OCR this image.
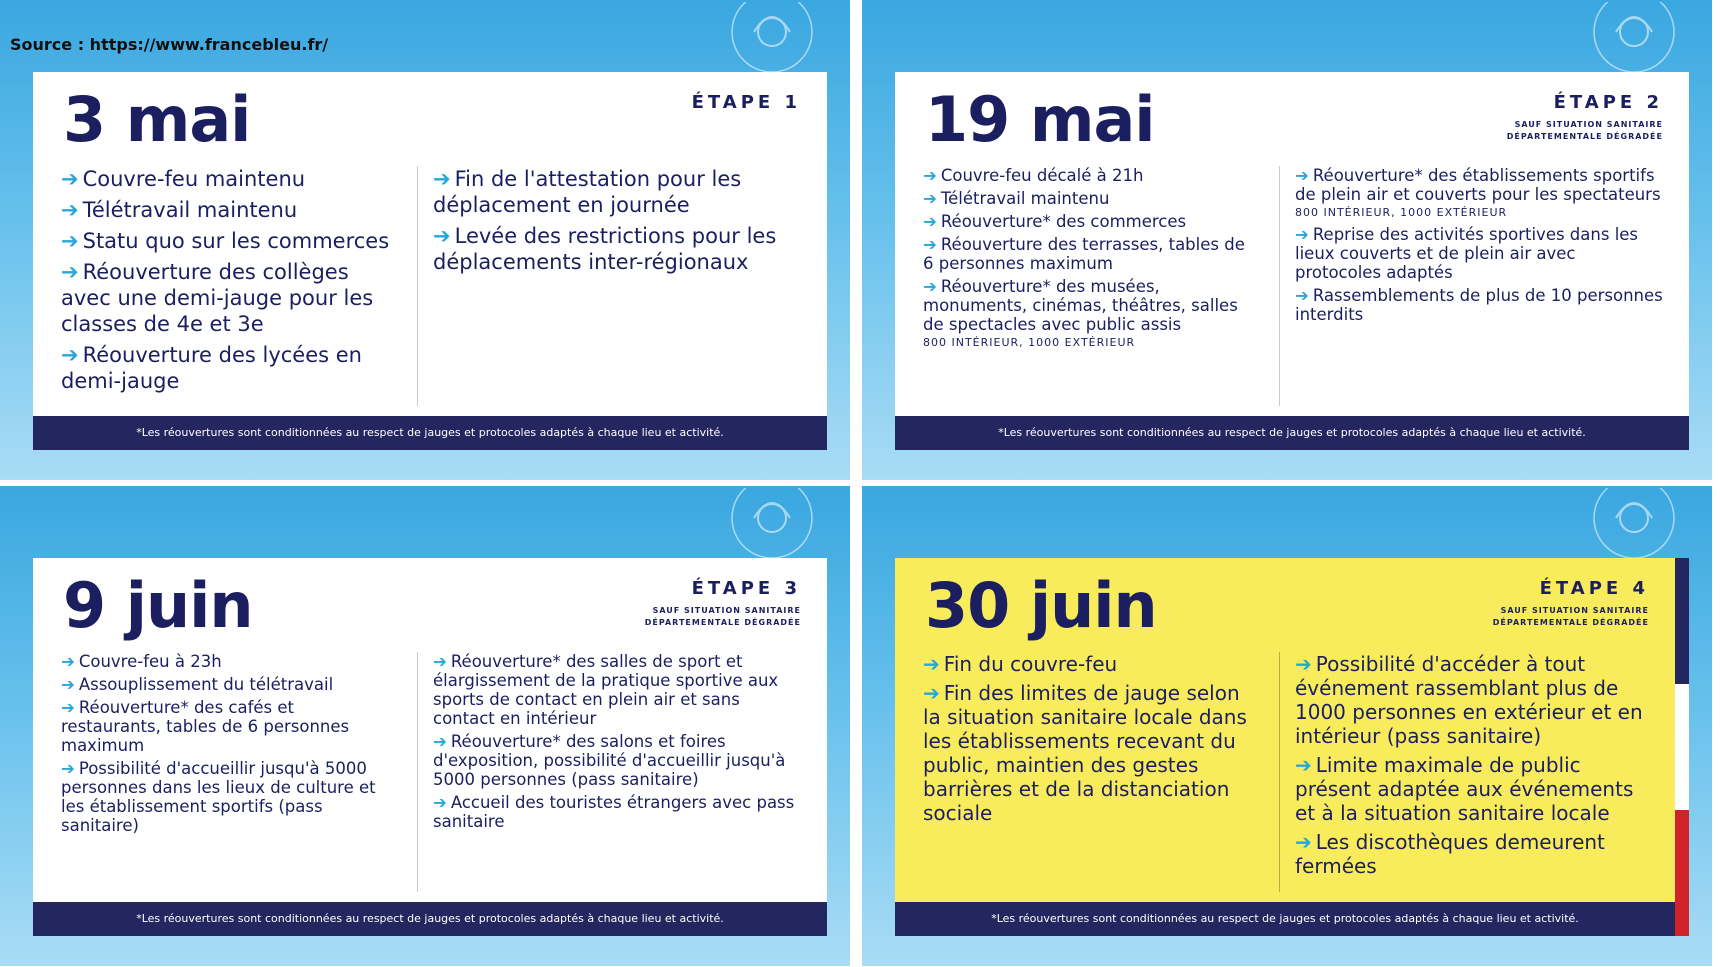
3 mai	ÉTAPE 1
➔ Couvre-feu maintenu
➔ Télétravail maintenu
➔ Statu quo sur les commerces
➔ Réouverture des collèges avec une demi-jauge pour les classes de 4e et 3e
➔ Réouverture des lycées en demi-jauge
➔ Fin de l'attestation pour les déplacement en journée
➔ Levée des restrictions pour les déplacements inter-régionaux
*Les réouvertures sont conditionnées au respect de jauges et protocoles adaptés à chaque lieu et activité.
Source : https://www.francebleu.fr/
19 mai	ÉTAPE 2
SAUF SITUATION SANITAIRE DÉPARTEMENTALE DÉGRADÉE
➔ Couvre-feu décalé à 21h
➔ Télétravail maintenu
➔ Réouverture* des commerces
➔ Réouverture des terrasses, tables de 6 personnes maximum
➔ Réouverture* des musées, monuments, cinémas, théâtres, salles de spectacles avec public assis
800 INTÉRIEUR, 1000 EXTÉRIEUR
➔ Réouverture* des établissements sportifs de plein air et couverts pour les spectateurs
800 INTÉRIEUR, 1000 EXTÉRIEUR
➔ Reprise des activités sportives dans les lieux couverts et de plein air avec protocoles adaptés
➔ Rassemblements de plus de 10 personnes interdits
*Les réouvertures sont conditionnées au respect de jauges et protocoles adaptés à chaque lieu et activité.
9 juin	ÉTAPE 3
SAUF SITUATION SANITAIRE DÉPARTEMENTALE DÉGRADÉE
➔ Couvre-feu à 23h
➔ Assouplissement du télétravail
➔ Réouverture* des cafés et restaurants, tables de 6 personnes maximum
➔ Possibilité d'accueillir jusqu'à 5000 personnes dans les lieux de culture et les établissement sportifs (pass sanitaire)
➔ Réouverture* des salles de sport et élargissement de la pratique sportive aux sports de contact en plein air et sans contact en intérieur
➔ Réouverture* des salons et foires d'exposition, possibilité d'accueillir jusqu'à 5000 personnes (pass sanitaire)
➔ Accueil des touristes étrangers avec pass sanitaire
*Les réouvertures sont conditionnées au respect de jauges et protocoles adaptés à chaque lieu et activité.
30 juin	ÉTAPE 4
SAUF SITUATION SANITAIRE DÉPARTEMENTALE DÉGRADÉE
➔ Fin du couvre-feu
➔ Fin des limites de jauge selon la situation sanitaire locale dans les établissements recevant du public, maintien des gestes barrières et de la distanciation sociale
➔ Possibilité d'accéder à tout événement rassemblant plus de 1000 personnes en extérieur et en intérieur (pass sanitaire)
➔ Limite maximale de public présent adaptée aux événements et à la situation sanitaire locale
➔ Les discothèques demeurent fermées
*Les réouvertures sont conditionnées au respect de jauges et protocoles adaptés à chaque lieu et activité.
